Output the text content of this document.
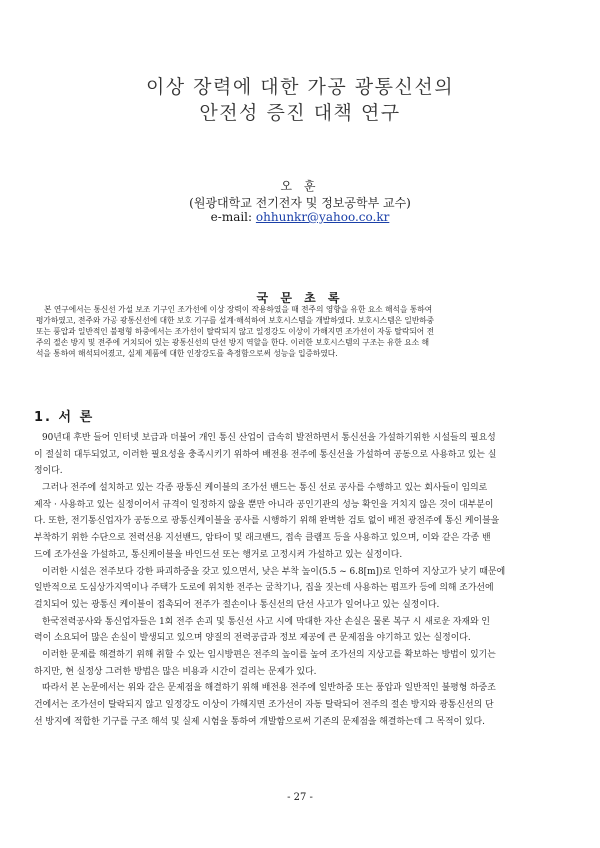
이상 장력에 대한 가공 광통신선의
안전성 증진 대책 연구
오 훈
(원광대학교 전기전자 및 정보공학부 교수)
e-mail: ohhunkr@yahoo.co.kr
국 문 초 록
본 연구에서는 통신선 가설 보조 기구인 조가선에 이상 장력이 작용하였을 때 전주의 영향을 유한 요소 해석을 통하여
평가하였고, 전주와 가공 광통신선에 대한 보호 기구를 설계·해석하여 보호시스템을 개발하였다. 보호시스템은 일반하중
또는 풍압과 일반적인 불평형 하중에서는 조가선이 탈락되지 않고 일정강도 이상이 가해지면 조가선이 자동 탈락되어 전
주의 절손 방지 및 전주에 거치되어 있는 광통신선의 단선 방지 역할을 한다. 이러한 보호시스템의 구조는 유한 요소 해
석을 통하여 해석되어졌고, 실제 제품에 대한 인장강도를 측정함으로써 성능을 입증하였다.
1. 서 론
90년대 후반 들어 인터넷 보급과 더불어 개인 통신 산업이 급속히 발전하면서 통신선을 가설하기위한 시설들의 필요성
이 절실히 대두되었고, 이러한 필요성을 충족시키기 위하여 배전용 전주에 통신선을 가설하여 공동으로 사용하고 있는 실
정이다.
그러나 전주에 설치하고 있는 각종 광통신 케이블의 조가선 밴드는 통신 선로 공사를 수행하고 있는 회사들이 임의로
제작 · 사용하고 있는 실정이어서 규격이 일정하지 않을 뿐만 아니라 공인기관의 성능 확인을 거치지 않은 것이 대부분이
다. 또한, 전기통신업자가 공동으로 광통신케이블을 공사를 시행하기 위해 완벽한 검토 없이 배전 광전주에 통신 케이블을
부착하기 위한 수단으로 전력선용 지선밴드, 암타이 및 래크밴드, 접속 클램프 등을 사용하고 있으며, 이와 같은 각종 밴
드에 조가선을 가설하고, 통신케이블을 바인드선 또는 행거로 고정시켜 가설하고 있는 실정이다.
이러한 시설은 전주보다 강한 파괴하중을 갖고 있으면서, 낮은 부착 높이(5.5 ~ 6.8[m])로 인하여 지상고가 낮기 때문에
일반적으로 도심상가지역이나 주택가 도로에 위치한 전주는 굴착기나, 집을 짓는데 사용하는 펌프카 등에 의해 조가선에
걸치되어 있는 광통신 케이블이 접촉되어 전주가 절손이나 통신선의 단선 사고가 일어나고 있는 실정이다.
한국전력공사와 통신업자들은 1회 전주 손괴 및 통신선 사고 시에 막대한 자산 손실은 물론 복구 시 새로운 자재와 인
력이 소요되어 많은 손실이 발생되고 있으며 양질의 전력공급과 정보 제공에 큰 문제점을 야기하고 있는 실정이다.
이러한 문제를 해결하기 위해 취할 수 있는 임시방편은 전주의 높이를 높여 조가선의 지상고를 확보하는 방법이 있기는
하지만, 현 실정상 그러한 방법은 많은 비용과 시간이 걸리는 문제가 있다.
따라서 본 논문에서는 위와 같은 문제점을 해결하기 위해 배전용 전주에 일반하중 또는 풍압과 일반적인 불평형 하중조
건에서는 조가선이 탈락되지 않고 일정강도 이상이 가해지면 조가선이 자동 탈락되어 전주의 절손 방지와 광통신선의 단
선 방지에 적합한 기구를 구조 해석 및 실제 시험을 통하여 개발함으로써 기존의 문제점을 해결하는데 그 목적이 있다.
- 27 -
